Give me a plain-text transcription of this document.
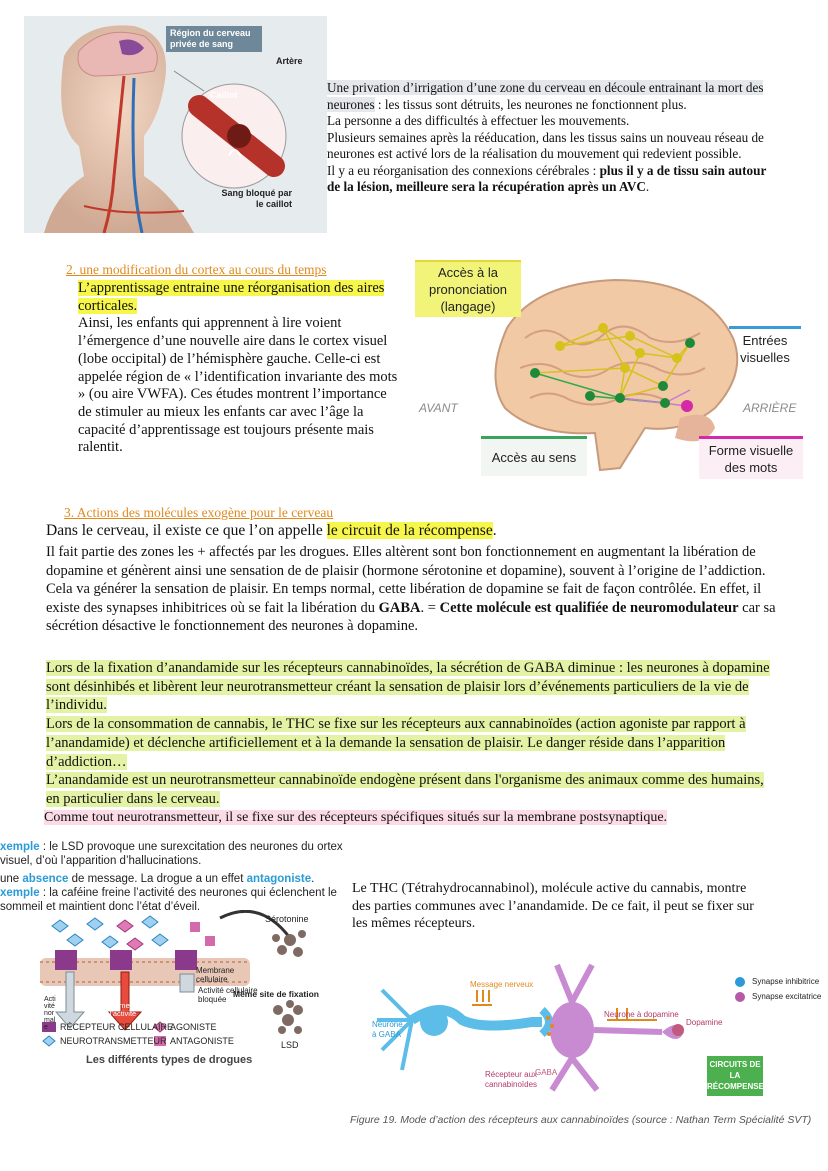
Région du cerveau privée de sang
Artère
Caillot
Sang bloqué par le caillot
Une privation d’irrigation d’une zone du cerveau en découle entrainant la mort des neurones : les tissus sont détruits, les neurones ne fonctionnent plus.
La personne a des difficultés à effectuer les mouvements.
Plusieurs semaines après la rééducation, dans les tissus sains un nouveau réseau de neurones est activé lors de la réalisation du mouvement qui redevient possible.
Il y a eu réorganisation des connexions cérébrales : plus il y a de tissu sain autour de la lésion, meilleure sera la récupération après un AVC.
2. une modification du cortex au cours du temps
L’apprentissage entraine une réorganisation des aires corticales.
Ainsi, les enfants qui apprennent à lire voient l’émergence d’une nouvelle aire dans le cortex visuel (lobe occipital) de l’hémisphère gauche. Celle-ci est appelée région de « l’identification invariante des mots » (ou aire VWFA). Ces études montrent l’importance de stimuler au mieux les enfants car avec l’âge la capacité d’apprentissage est toujours présente mais ralentit.
Accès à la prononciation (langage)
Entrées visuelles
AVANT	ARRIÈRE
Accès au sens	Forme visuelle des mots
3. Actions des molécules exogène pour le cerveau
Dans le cerveau, il existe ce que l’on appelle le circuit de la récompense.
Il fait partie des zones les + affectés par les drogues. Elles altèrent sont bon fonctionnement en augmentant la libération de dopamine et génèrent ainsi une sensation de de plaisir (hormone sérotonine et dopamine), souvent à l’origine de l’addiction. Cela va générer la sensation de plaisir. En temps normal, cette libération de dopamine se fait de façon contrôlée. En effet, il existe des synapses inhibitrices où se fait la libération du GABA. = Cette molécule est qualifiée de neuromodulateur car sa sécrétion désactive le fonctionnement des neurones à dopamine.
Lors de la fixation d’anandamide sur les récepteurs cannabinoïdes, la sécrétion de GABA diminue : les neurones à dopamine sont désinhibés et libèrent leur neurotransmetteur créant la sensation de plaisir lors d’événements particuliers de la vie de l’individu.
Lors de la consommation de cannabis, le THC se fixe sur les récepteurs aux cannabinoïdes (action agoniste par rapport à l’anandamide) et déclenche artificiellement et à la demande la sensation de plaisir. Le danger réside dans l’apparition d’addiction…
L’anandamide est un neurotransmetteur cannabinoïde endogène présent dans l'organisme des animaux comme des humains, en particulier dans le cerveau.
Comme tout neurotransmetteur, il se fixe sur des récepteurs spécifiques situés sur la membrane postsynaptique.
xemple : le LSD provoque une surexcitation des neurones du ortex visuel, d’où l’apparition d’hallucinations.
une absence de message. La drogue a un effet antagoniste.
xemple : la caféine freine l’activité des neurones qui éclenchent le sommeil et maintient donc l’état d’éveil.
Sérotonine
Membrane cellulaire
Activité cellulaire bloquée
Même site de fixation
Augmente l'activité
Activité normale
LSD
RÉCEPTEUR CELLULAIRE
NEUROTRANSMETTEUR
AGONISTE
ANTAGONISTE
Les différents types de drogues
Le THC (Tétrahydrocannabinol), molécule active du cannabis, montre des parties communes avec l’anandamide. De ce fait, il peut se fixer sur les mêmes récepteurs.
Message nerveux
Neurone à GABA
Récepteur aux cannabinoïdes
GABA
Neurone à dopamine
Dopamine
Synapse inhibitrice
Synapse excitatrice
CIRCUITS DE LA RÉCOMPENSE
Figure 19. Mode d’action des récepteurs aux cannabinoïdes (source : Nathan Term Spécialité SVT)
